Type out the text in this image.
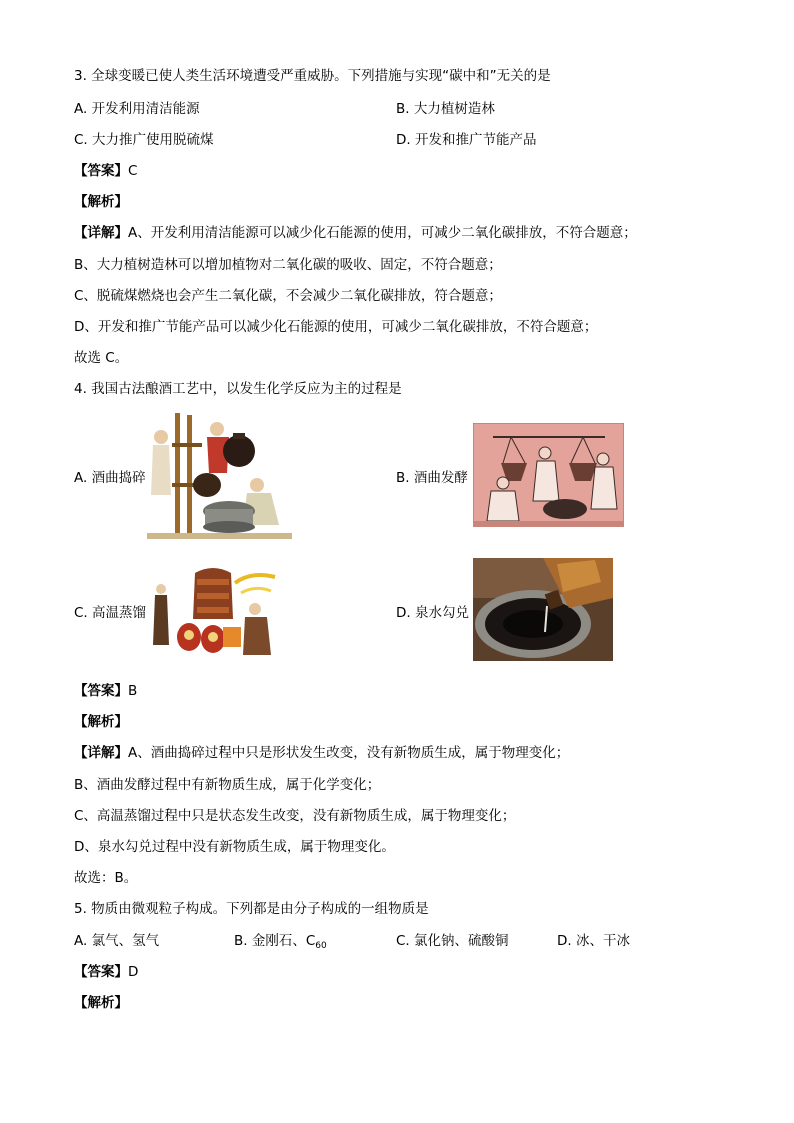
3. 全球变暖已使人类生活环境遭受严重威胁。下列措施与实现“碳中和”无关的是
A. 开发利用清洁能源	B. 大力植树造林
C. 大力推广使用脱硫煤	D. 开发和推广节能产品
【答案】C
【解析】
【详解】A、开发利用清洁能源可以减少化石能源的使用，可减少二氧化碳排放，不符合题意；
B、大力植树造林可以增加植物对二氧化碳的吸收、固定，不符合题意；
C、脱硫煤燃烧也会产生二氧化碳，不会减少二氧化碳排放，符合题意；
D、开发和推广节能产品可以减少化石能源的使用，可减少二氧化碳排放，不符合题意；
故选 C。
4. 我国古法酿酒工艺中，以发生化学反应为主的过程是
A. 酒曲捣碎	B. 酒曲发酵
C. 高温蒸馏	D. 泉水勾兑
【答案】B
【解析】
【详解】A、酒曲捣碎过程中只是形状发生改变，没有新物质生成，属于物理变化；
B、酒曲发酵过程中有新物质生成，属于化学变化；
C、高温蒸馏过程中只是状态发生改变，没有新物质生成，属于物理变化；
D、泉水勾兑过程中没有新物质生成，属于物理变化。
故选：B。
5. 物质由微观粒子构成。下列都是由分子构成的一组物质是
A. 氯气、氢气	B. 金刚石、$C_{60}$	C. 氯化钠、硫酸铜	D. 冰、干冰
【答案】D
【解析】
